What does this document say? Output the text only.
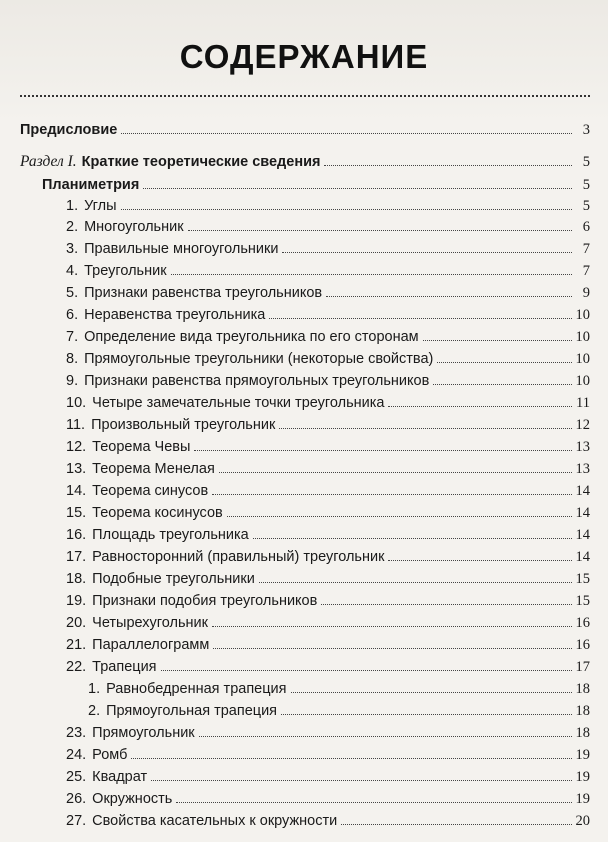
СОДЕРЖАНИЕ
Предисловие	3
Раздел I. Краткие теоретические сведения	5
Планиметрия	5
1. Углы	5
2. Многоугольник	6
3. Правильные многоугольники	7
4. Треугольник	7
5. Признаки равенства треугольников	9
6. Неравенства треугольника	10
7. Определение вида треугольника по его сторонам	10
8. Прямоугольные треугольники (некоторые свойства)	10
9. Признаки равенства прямоугольных треугольников	10
10. Четыре замечательные точки треугольника	11
11. Произвольный треугольник	12
12. Теорема Чевы	13
13. Теорема Менелая	13
14. Теорема синусов	14
15. Теорема косинусов	14
16. Площадь треугольника	14
17. Равносторонний (правильный) треугольник	14
18. Подобные треугольники	15
19. Признаки подобия треугольников	15
20. Четырехугольник	16
21. Параллелограмм	16
22. Трапеция	17
1. Равнобедренная трапеция	18
2. Прямоугольная трапеция	18
23. Прямоугольник	18
24. Ромб	19
25. Квадрат	19
26. Окружность	19
27. Свойства касательных к окружности	20
